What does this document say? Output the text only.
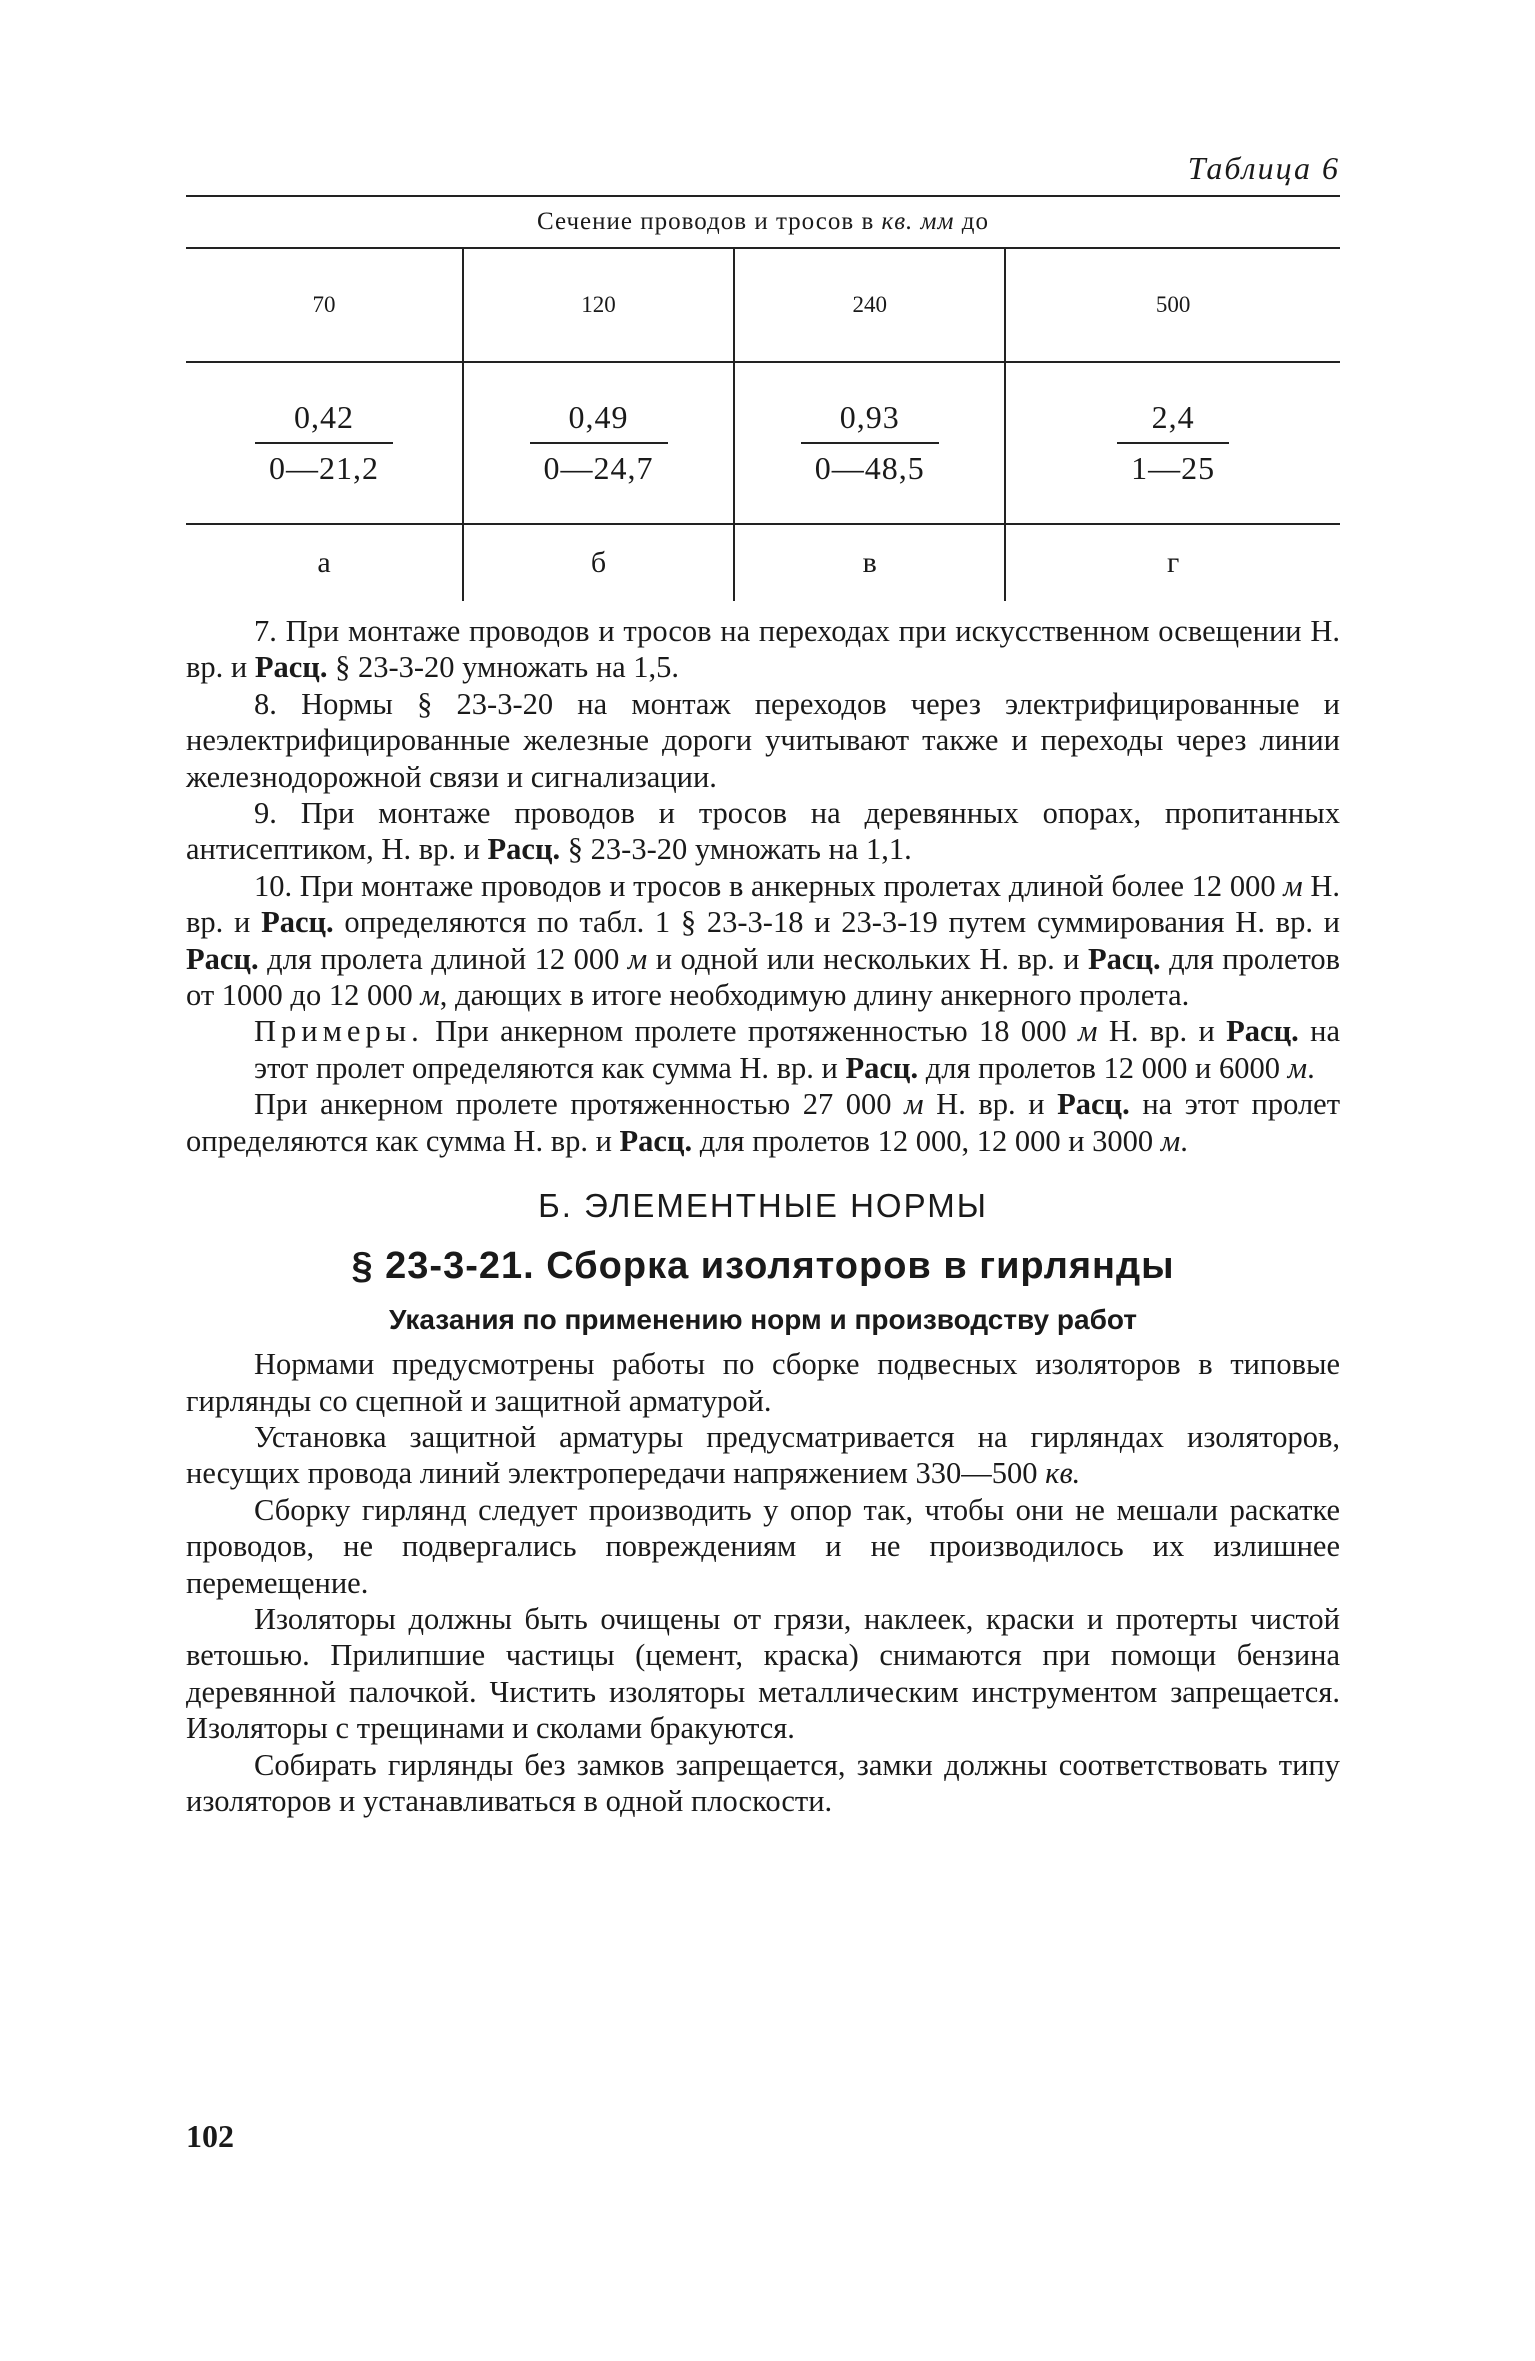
Таблица 6
Сечение проводов и тросов в кв. мм до			
70	120	240	500

$\frac{0,42}{0—21,2}$	$\frac{0,49}{0—24,7}$	$\frac{0,93}{0—48,5}$	$\frac{2,4}{1—25}$

а	б	в	г

7. При монтаже проводов и тросов на переходах при искусственном освещении Н. вр. и Расц. § 23-3-20 умножать на 1,5.

8. Нормы § 23-3-20 на монтаж переходов через электрифицированные и неэлектрифицированные железные дороги учитывают также и переходы через линии железнодорожной связи и сигнализации.

9. При монтаже проводов и тросов на деревянных опорах, пропитанных антисептиком, Н. вр. и Расц. § 23-3-20 умножать на 1,1.

10. При монтаже проводов и тросов в анкерных пролетах длиной более 12 000 м Н. вр. и Расц. определяются по табл. 1 § 23-3-18 и 23-3-19 путем суммирования Н. вр. и Расц. для пролета длиной 12 000 м и одной или нескольких Н. вр. и Расц. для пролетов от 1000 до 12 000 м, дающих в итоге необходимую длину анкерного пролета.

Примеры. При анкерном пролете протяженностью 18 000 м Н. вр. и Расц. на этот пролет определяются как сумма Н. вр. и Расц. для пролетов 12 000 и 6000 м.

При анкерном пролете протяженностью 27 000 м Н. вр. и Расц. на этот пролет определяются как сумма Н. вр. и Расц. для пролетов 12 000, 12 000 и 3000 м.

Б. ЭЛЕМЕНТНЫЕ НОРМЫ
§ 23-3-21. Сборка изоляторов в гирлянды
Указания по применению норм и производству работ

Нормами предусмотрены работы по сборке подвесных изоляторов в типовые гирлянды со сцепной и защитной арматурой.

Установка защитной арматуры предусматривается на гирляндах изоляторов, несущих провода линий электропередачи напряжением 330—500 кв.

Сборку гирлянд следует производить у опор так, чтобы они не мешали раскатке проводов, не подвергались повреждениям и не производилось их излишнее перемещение.

Изоляторы должны быть очищены от грязи, наклеек, краски и протерты чистой ветошью. Прилипшие частицы (цемент, краска) снимаются при помощи бензина деревянной палочкой. Чистить изоляторы металлическим инструментом запрещается. Изоляторы с трещинами и сколами бракуются.

Собирать гирлянды без замков запрещается, замки должны соответствовать типу изоляторов и устанавливаться в одной плоскости.

102
